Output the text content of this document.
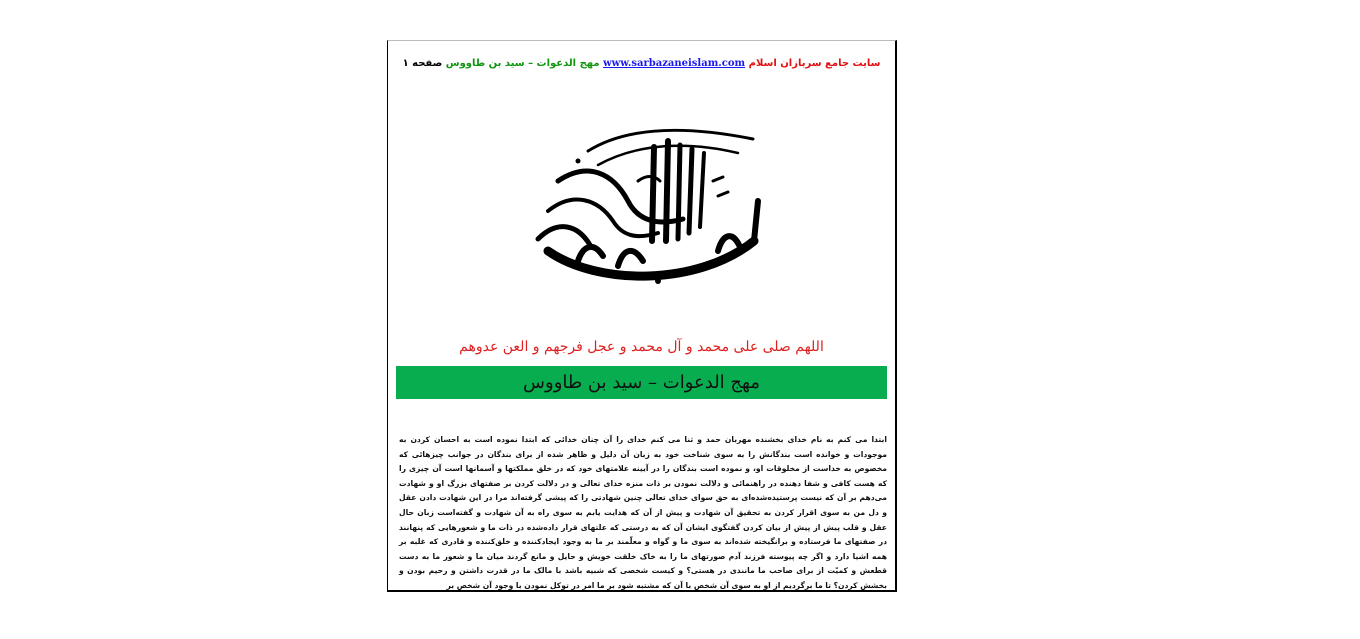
سایت جامع سربازان اسلام www.sarbazaneislam.com مهج الدعوات – سید بن طاووس صفحه ۱
اللهم صلی علی محمد و آل محمد و عجل فرجهم و العن عدوهم
مهج الدعوات – سید بن طاووس

ابتدا می کنم به نام خدای بخشنده مهربان حمد و ثنا می کنم خدای را آن چنان خدائی که ابتدا نموده است به احسان کردن به موجودات و خوانده است بندگانش را به سوی شناخت خود به زبان آن دلیل و ظاهر شده از برای بندگان در جوانب چیزهائی که مخصوص به خداست از مخلوقات او، و نموده است بندگان را در آیینه علامتهای خود که در خلق مملکتها و آسمانها است آن چیزی را که هست کافی و شفا دهنده در راهنمائی و دلالت نمودن بر ذات منزه خدای تعالی و در دلالت کردن بر صفتهای بزرگ او و شهادت می‌دهم بر آن که نیست پرستیده‌شده‌ای به حق سوای خدای تعالی چنین شهادتی را که پیشی گرفته‌اند مرا در این شهادت دادن عقل و دل من به سوی اقرار کردن به تحقیق آن شهادت و پیش از آن که هدایت یابم به سوی راه به آن شهادت و گفته‌است زبان حال عقل و قلب پیش از پیش از بیان کردن گفتگوی ایشان آن که به درستی که علتهای قرار داده‌شده در ذات ما و شعورهایی که پنهانند در صفتهای ما فرستاده و برانگیخته شده‌اند به سوی ما و گواه و معلّمند بر ما به وجود ایجادکننده و خلق‌کننده و قادری که غلبه بر همه اشیا دارد و اگر چه پیوسته فرزند آدم صورتهای ما را به خاک خلقت خویش و حایل و مانع گردند میان ما و شعور ما به دست قطعش و کمیّت از برای صاحب ما مانندی در هستی؟ و کیست شخصی که شبیه باشد با مالک ما در قدرت داشتن و رحیم بودن و بخشش کردن؟ تا ما برگردیم از او به سوی آن شخص با آن که مشتبه شود بر ما امر در توکل نمودن با وجود آن شخص بر
